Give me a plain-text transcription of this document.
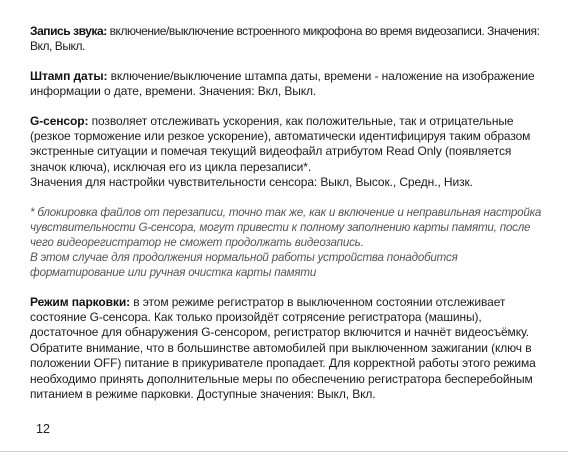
Запись звука: включение/выключение встроенного микрофона во время видеозаписи. Значения: Вкл, Выкл.

Штамп даты: включение/выключение штампа даты, времени - наложение на изображение информации о дате, времени. Значения: Вкл, Выкл.

G-сенсор: позволяет отслеживать ускорения, как положительные, так и отрицательные (резкое торможение или резкое ускорение), автоматически идентифицируя таким образом экстренные ситуации и помечая текущий видеофайл атрибутом Read Only (появляется значок ключа), исключая его из цикла перезаписи*.
Значения для настройки чувствительности сенсора: Выкл, Высок., Средн., Низк.

* блокировка файлов от перезаписи, точно так же, как и включение и неправильная настройка чувствительности G-сенсора, могут привести к полному заполнению карты памяти, после чего видеорегистратор не сможет продолжать видеозапись.
В этом случае для продолжения нормальной работы устройства понадобится форматирование или ручная очистка карты памяти

Режим парковки: в этом режиме регистратор в выключенном состоянии отслеживает состояние G-сенсора. Как только произойдёт сотрясение регистратора (машины), достаточное для обнаружения G-сенсором, регистратор включится и начнёт видеосъёмку. Обратите внимание, что в большинстве автомобилей при выключенном зажигании (ключ в положении OFF) питание в прикуривателе пропадает. Для корректной работы этого режима необходимо принять дополнительные меры по обеспечению регистратора бесперебойным питанием в режиме парковки. Доступные значения: Выкл, Вкл.

12
